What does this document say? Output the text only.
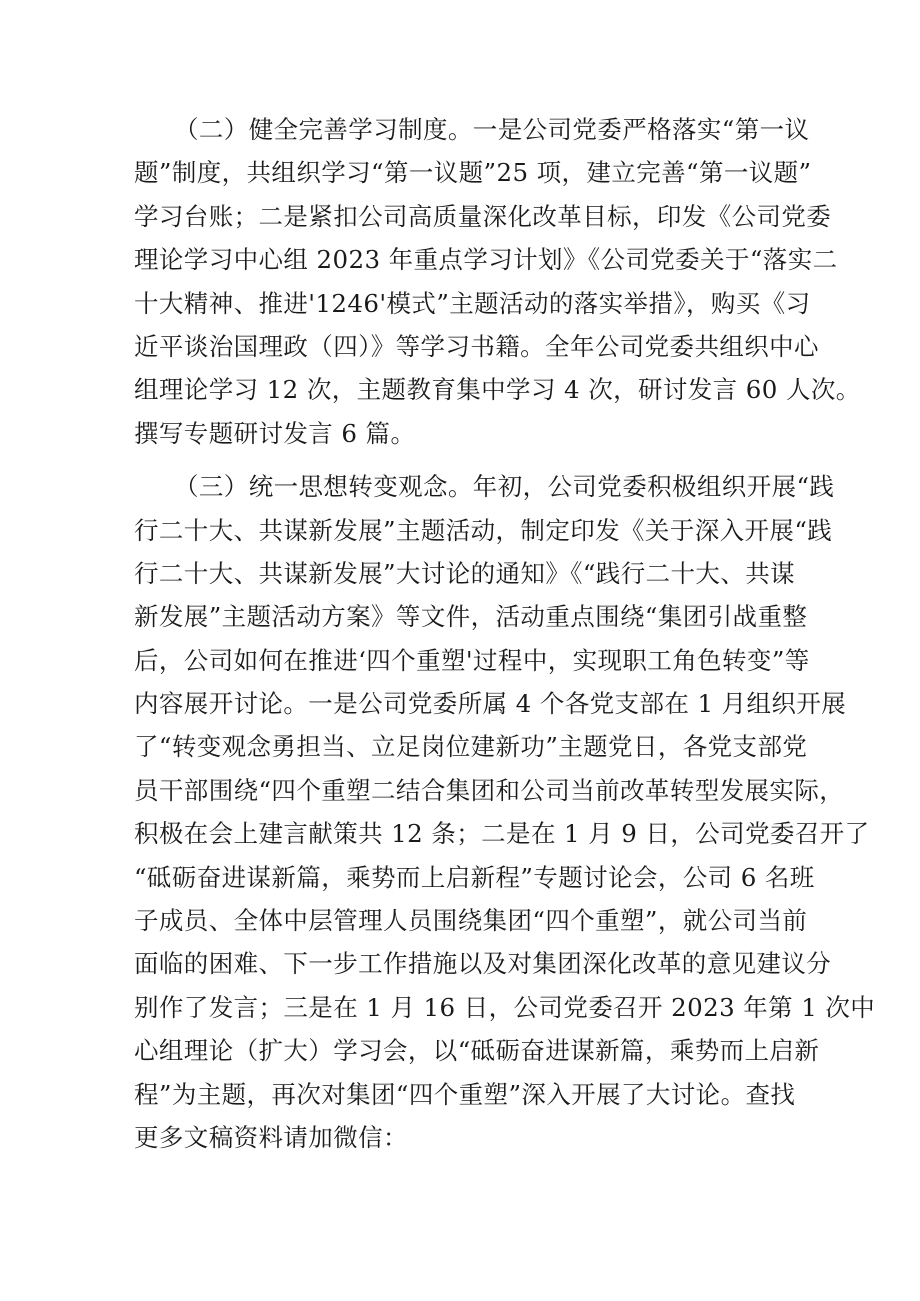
（二）健全完善学习制度。一是公司党委严格落实“第一议
题”制度，共组织学习“第一议题”25 项，建立完善“第一议题”
学习台账；二是紧扣公司高质量深化改革目标，印发《公司党委
理论学习中心组 2023 年重点学习计划》《公司党委关于“落实二
十大精神、推进'1246'模式”主题活动的落实举措》，购买《习
近平谈治国理政（四）》等学习书籍。全年公司党委共组织中心
组理论学习 12 次，主题教育集中学习 4 次，研讨发言 60 人次。
撰写专题研讨发言 6 篇。
（三）统一思想转变观念。年初，公司党委积极组织开展“践
行二十大、共谋新发展”主题活动，制定印发《关于深入开展“践
行二十大、共谋新发展”大讨论的通知》《“践行二十大、共谋
新发展”主题活动方案》等文件，活动重点围绕“集团引战重整
后，公司如何在推进‘四个重塑'过程中，实现职工角色转变”等
内容展开讨论。一是公司党委所属 4 个各党支部在 1 月组织开展
了“转变观念勇担当、立足岗位建新功”主题党日，各党支部党
员干部围绕“四个重塑二结合集团和公司当前改革转型发展实际，
积极在会上建言献策共 12 条；二是在 1 月 9 日，公司党委召开了
“砥砺奋进谋新篇，乘势而上启新程”专题讨论会，公司 6 名班
子成员、全体中层管理人员围绕集团“四个重塑”，就公司当前
面临的困难、下一步工作措施以及对集团深化改革的意见建议分
别作了发言；三是在 1 月 16 日，公司党委召开 2023 年第 1 次中
心组理论（扩大）学习会，以“砥砺奋进谋新篇，乘势而上启新
程”为主题，再次对集团“四个重塑”深入开展了大讨论。查找
更多文稿资料请加微信：
